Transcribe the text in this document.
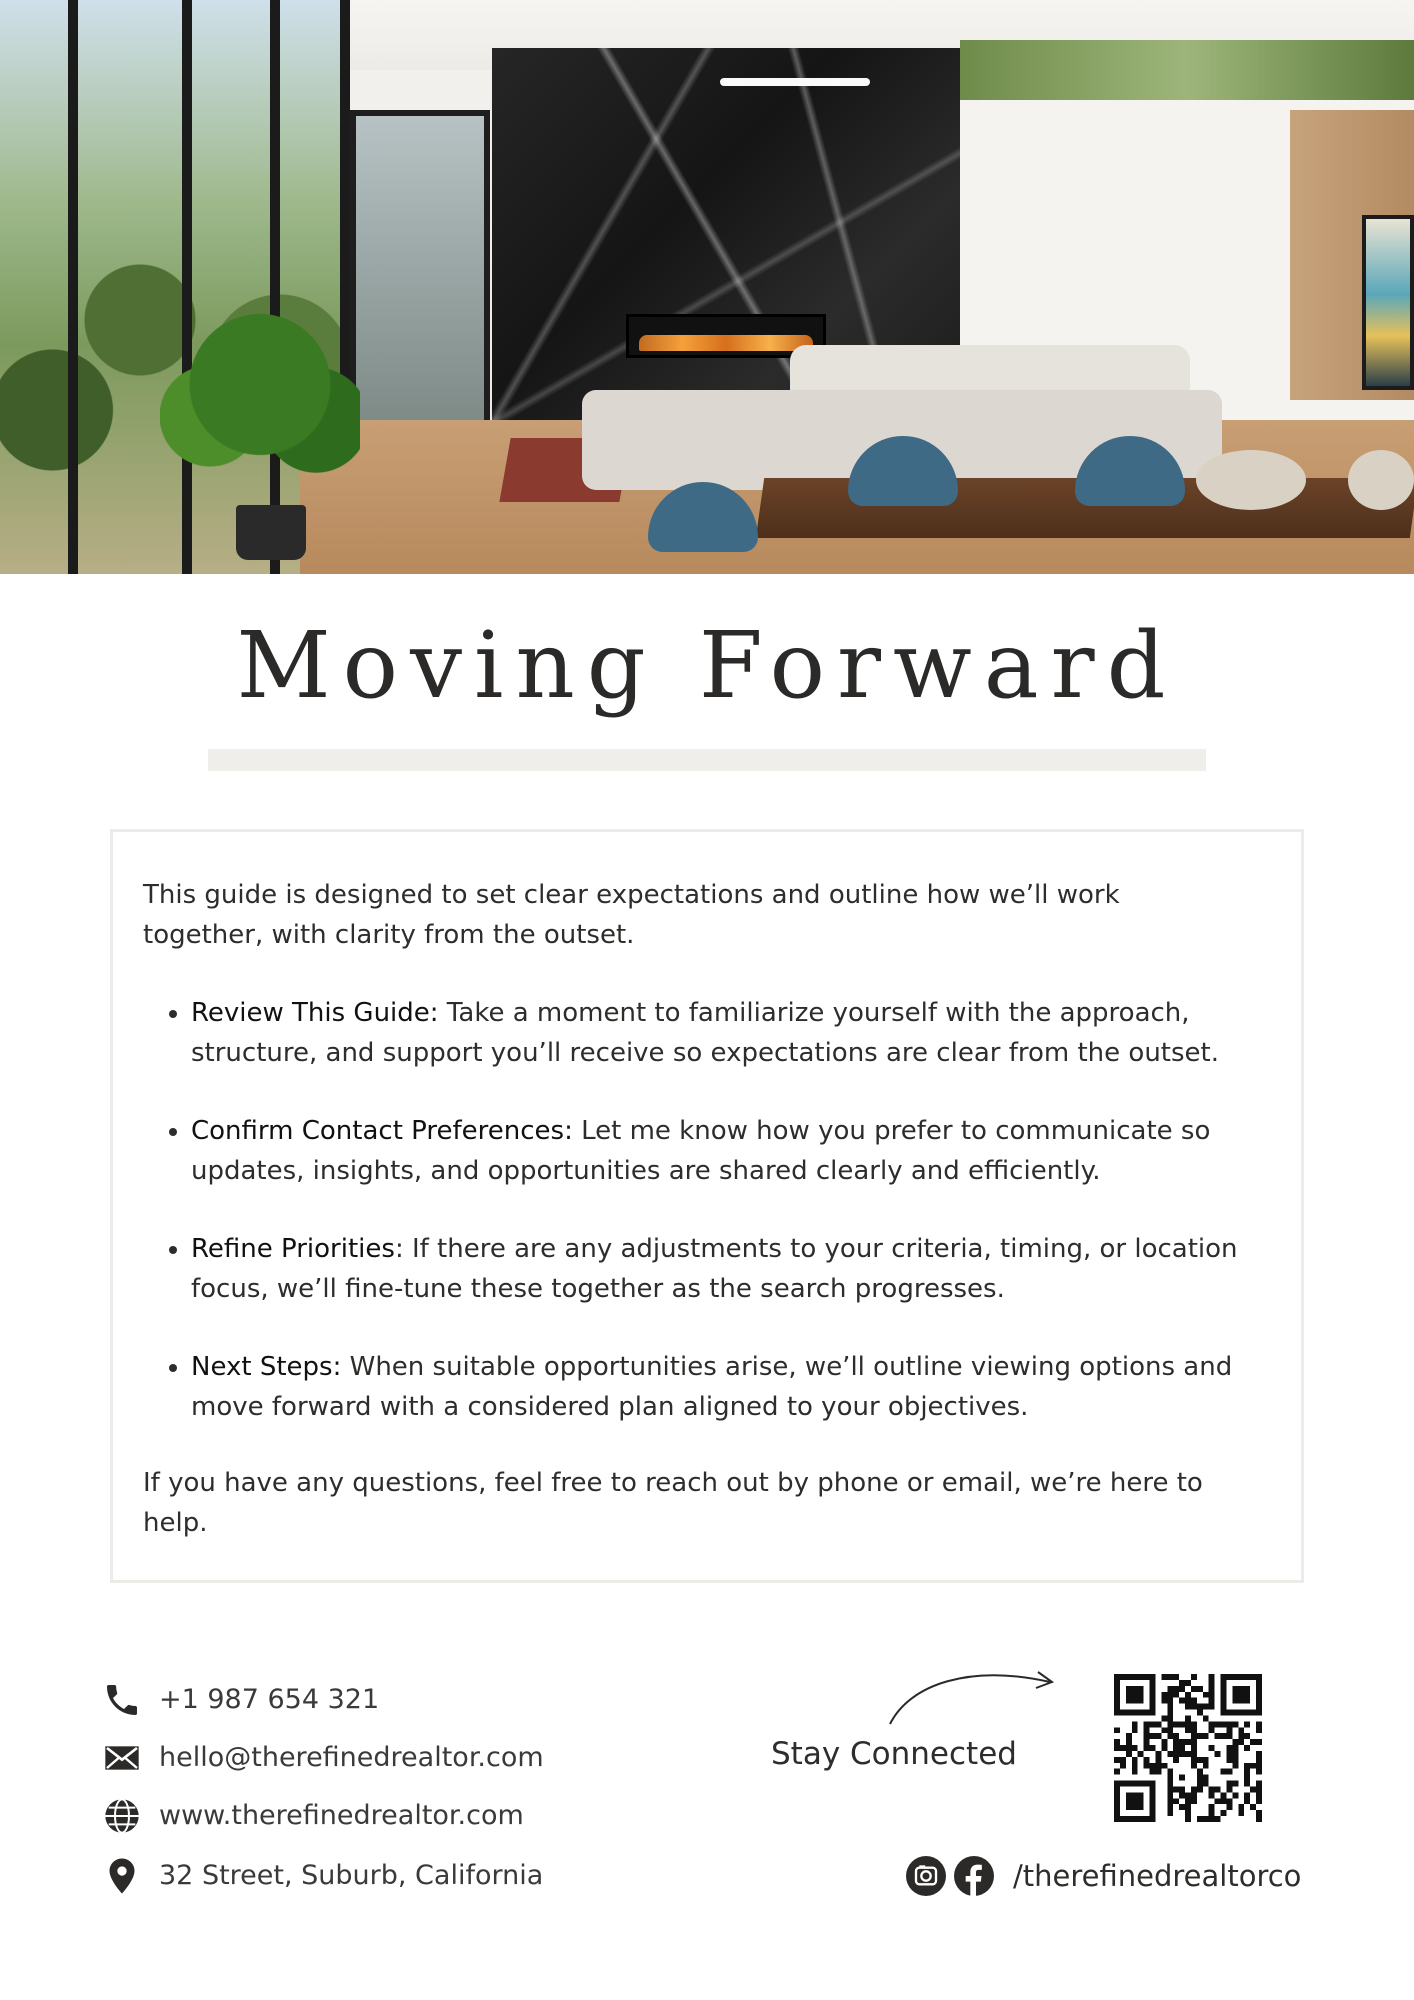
Moving Forward

This guide is designed to set clear expectations and outline how we’ll work together, with clarity from the outset.

• Review This Guide: Take a moment to familiarize yourself with the approach, structure, and support you’ll receive so expectations are clear from the outset.
• Confirm Contact Preferences: Let me know how you prefer to communicate so updates, insights, and opportunities are shared clearly and efficiently.
• Refine Priorities: If there are any adjustments to your criteria, timing, or location focus, we’ll fine-tune these together as the search progresses.
• Next Steps: When suitable opportunities arise, we’ll outline viewing options and move forward with a considered plan aligned to your objectives.

If you have any questions, feel free to reach out by phone or email, we’re here to help.

+1 987 654 321
hello@therefinedrealtor.com
www.therefinedrealtor.com
32 Street, Suburb, California
Stay Connected
/therefinedrealtorco
